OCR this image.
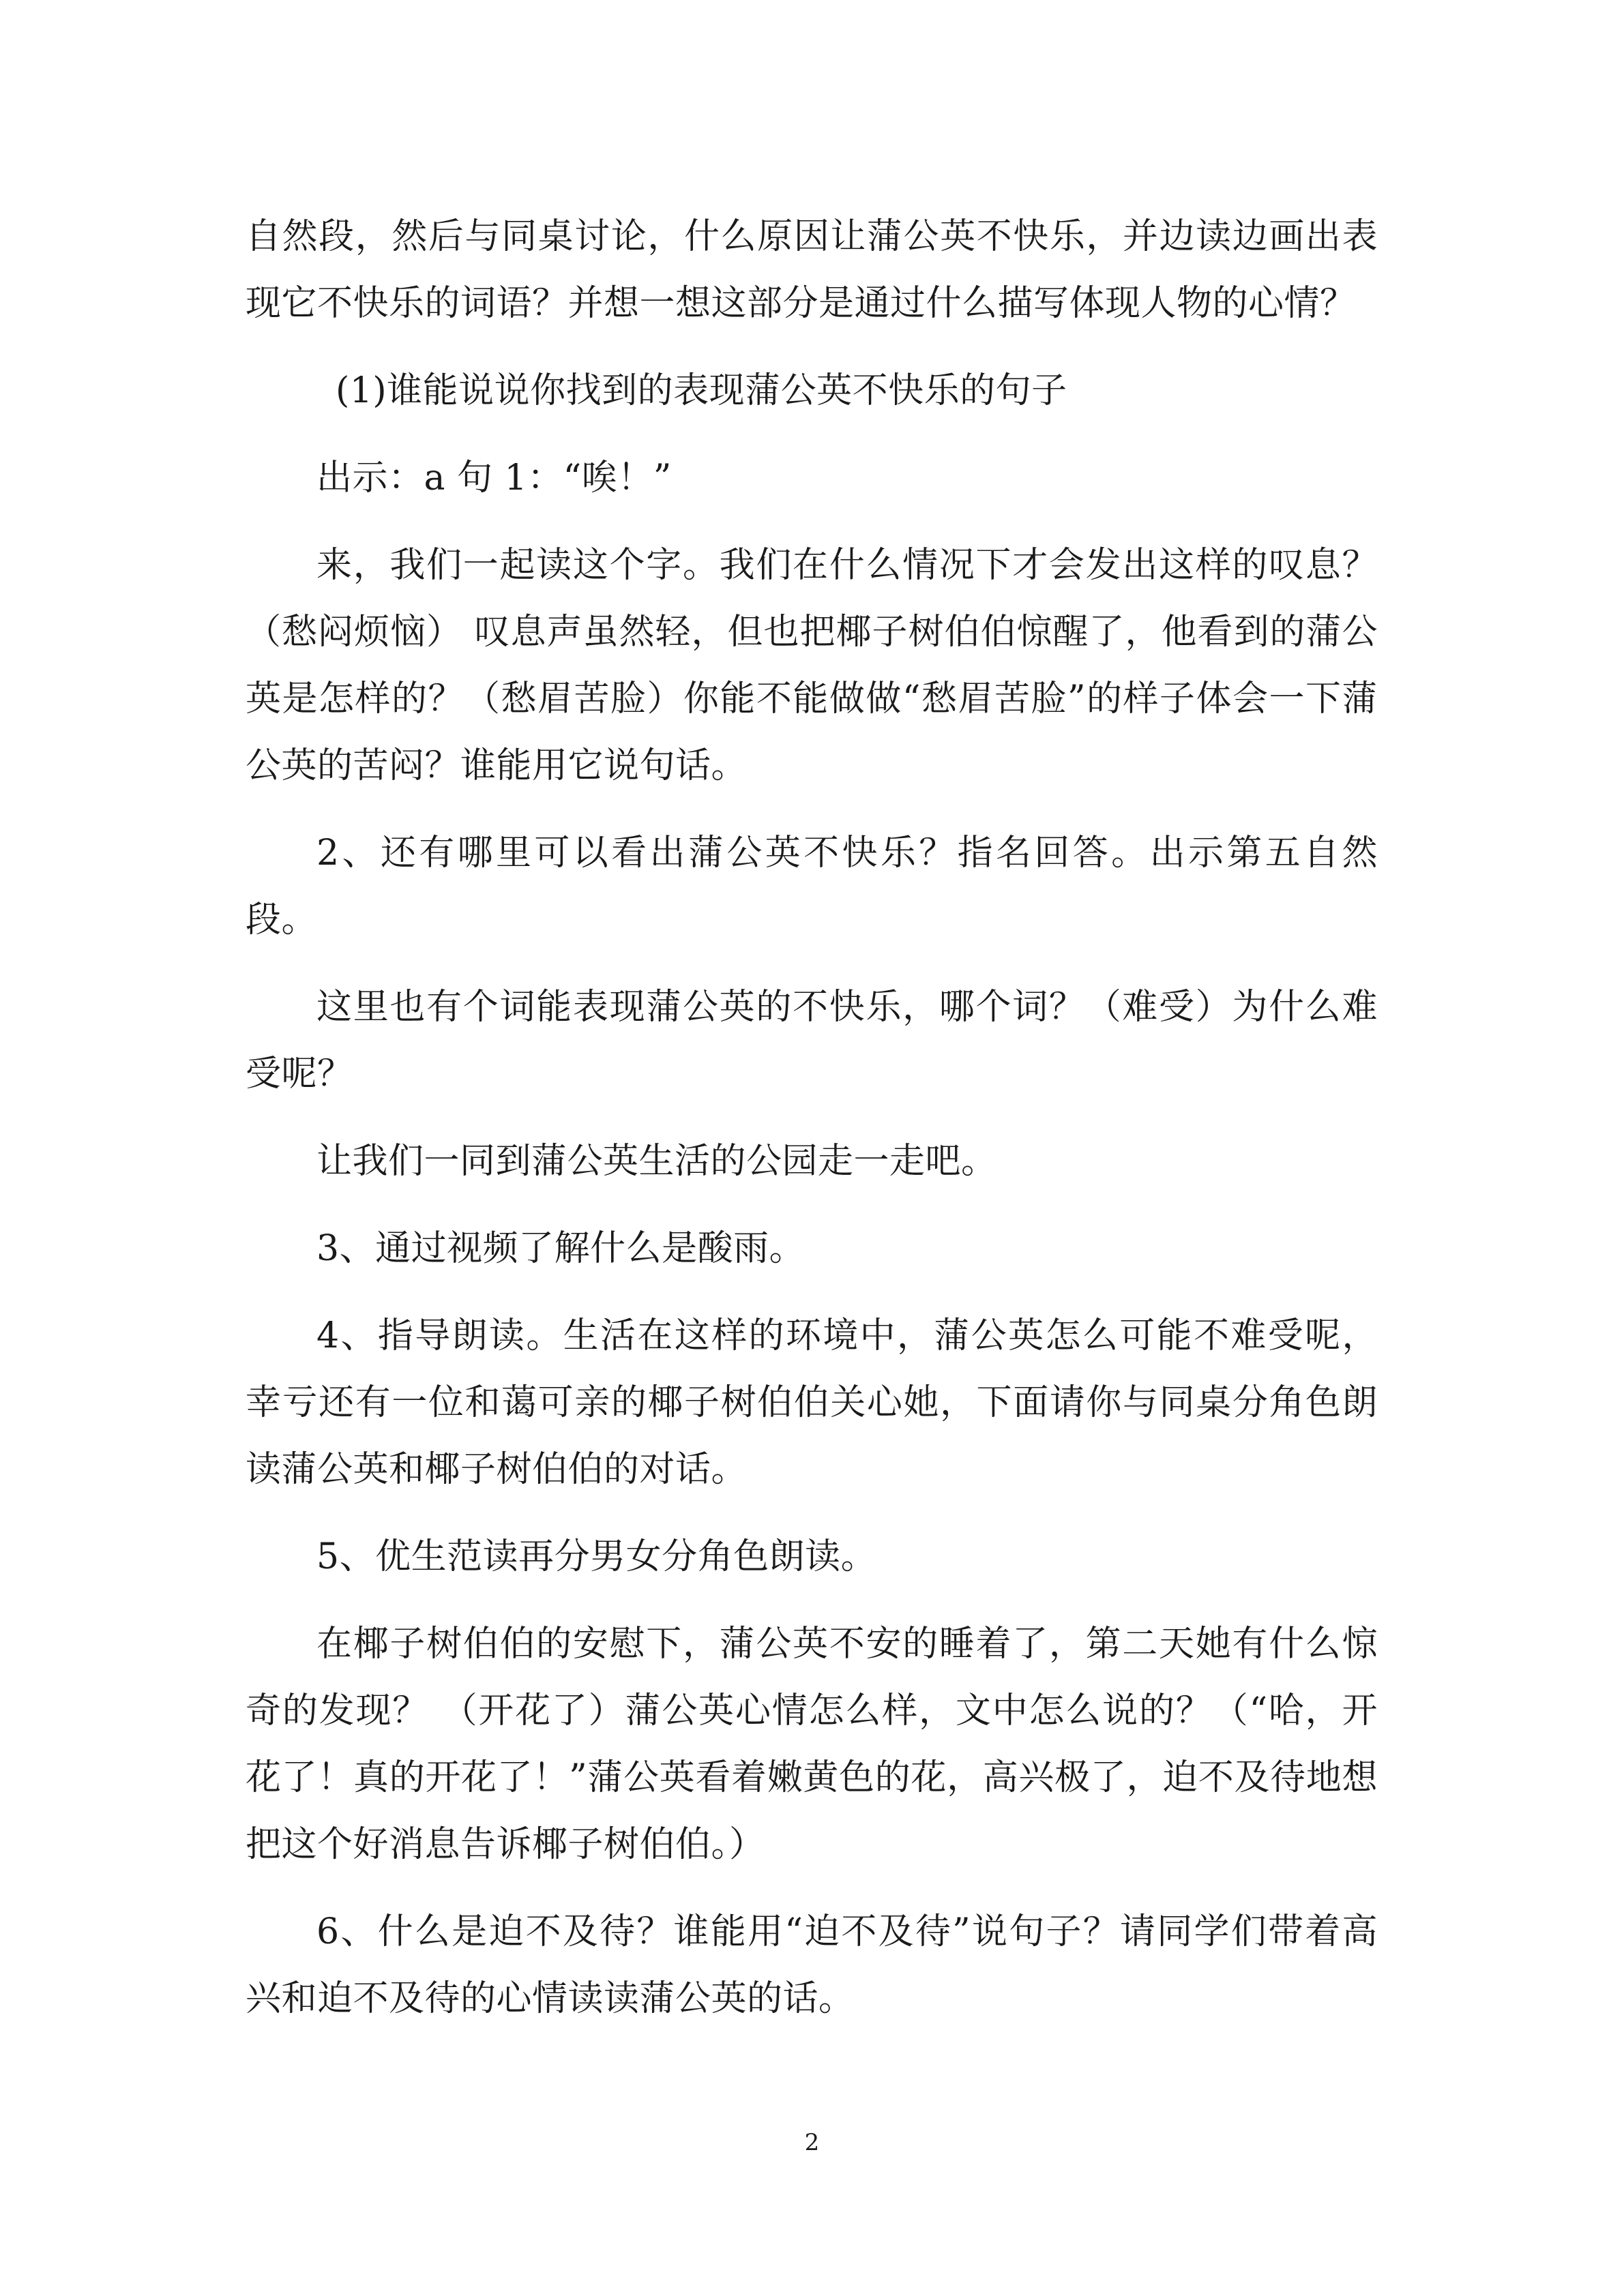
自然段，然后与同桌讨论，什么原因让蒲公英不快乐，并边读边画出表现它不快乐的词语？并想一想这部分是通过什么描写体现人物的心情？

(1)谁能说说你找到的表现蒲公英不快乐的句子

出示：a 句 1：“唉！”

来，我们一起读这个字。我们在什么情况下才会发出这样的叹息？（愁闷烦恼） 叹息声虽然轻，但也把椰子树伯伯惊醒了，他看到的蒲公英是怎样的？（愁眉苦脸）你能不能做做“愁眉苦脸”的样子体会一下蒲公英的苦闷？谁能用它说句话。

2、还有哪里可以看出蒲公英不快乐？指名回答。出示第五自然段。

这里也有个词能表现蒲公英的不快乐，哪个词？（难受）为什么难受呢？

让我们一同到蒲公英生活的公园走一走吧。

3、通过视频了解什么是酸雨。

4、指导朗读。生活在这样的环境中，蒲公英怎么可能不难受呢，幸亏还有一位和蔼可亲的椰子树伯伯关心她，下面请你与同桌分角色朗读蒲公英和椰子树伯伯的对话。

5、优生范读再分男女分角色朗读。

在椰子树伯伯的安慰下，蒲公英不安的睡着了，第二天她有什么惊奇的发现？ （开花了）蒲公英心情怎么样，文中怎么说的？（“哈，开花了！真的开花了！”蒲公英看着嫩黄色的花，高兴极了，迫不及待地想把这个好消息告诉椰子树伯伯。）

6、什么是迫不及待？谁能用“迫不及待”说句子？请同学们带着高兴和迫不及待的心情读读蒲公英的话。

2
